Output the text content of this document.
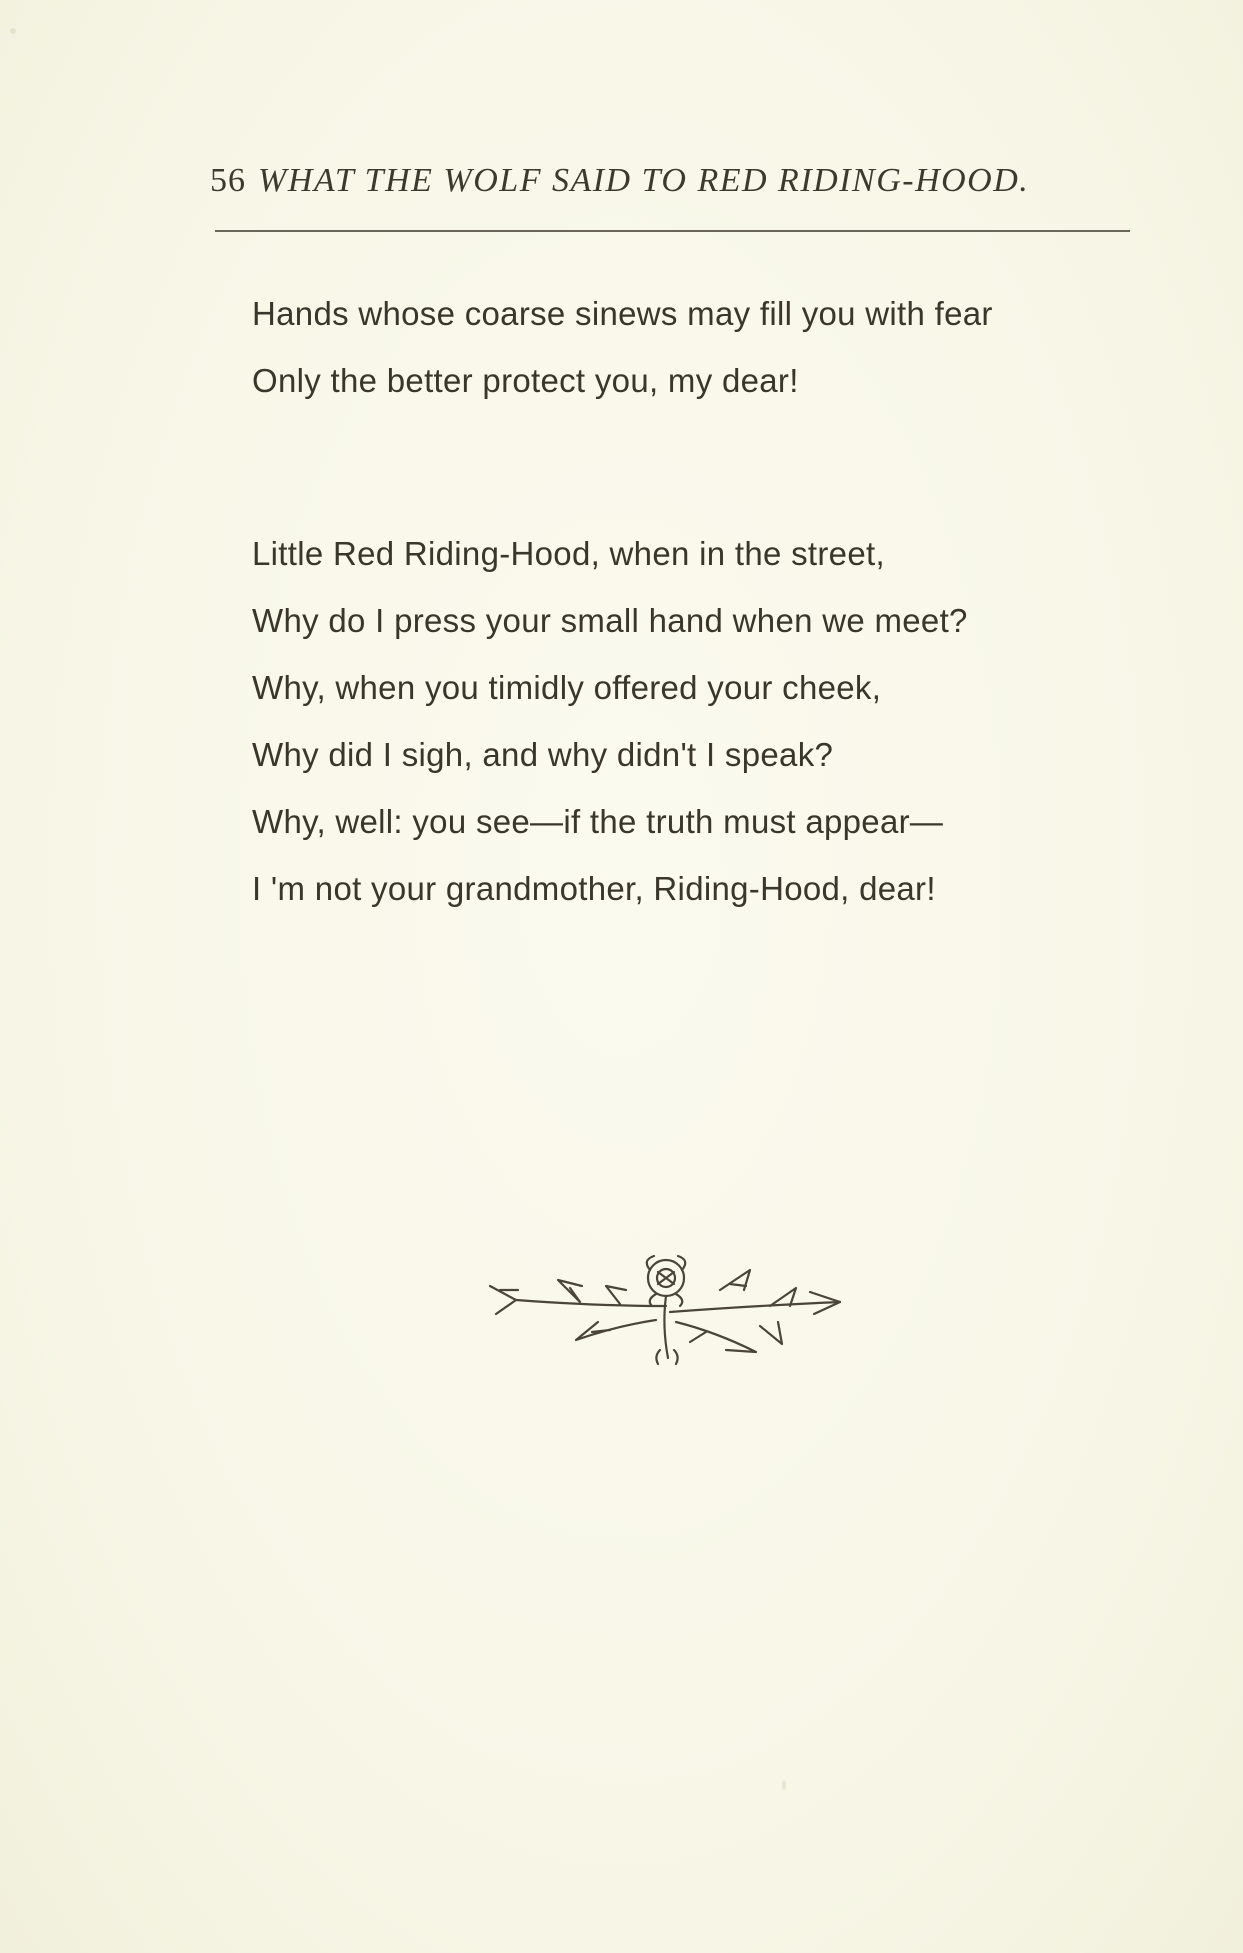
56 WHAT THE WOLF SAID TO RED RIDING-HOOD.
Hands whose coarse sinews may fill you with fear
Only the better protect you, my dear!
Little Red Riding-Hood, when in the street,
Why do I press your small hand when we meet?
Why, when you timidly offered your cheek,
Why did I sigh, and why didn't I speak?
Why, well: you see—if the truth must appear—
I 'm not your grandmother, Riding-Hood, dear!
